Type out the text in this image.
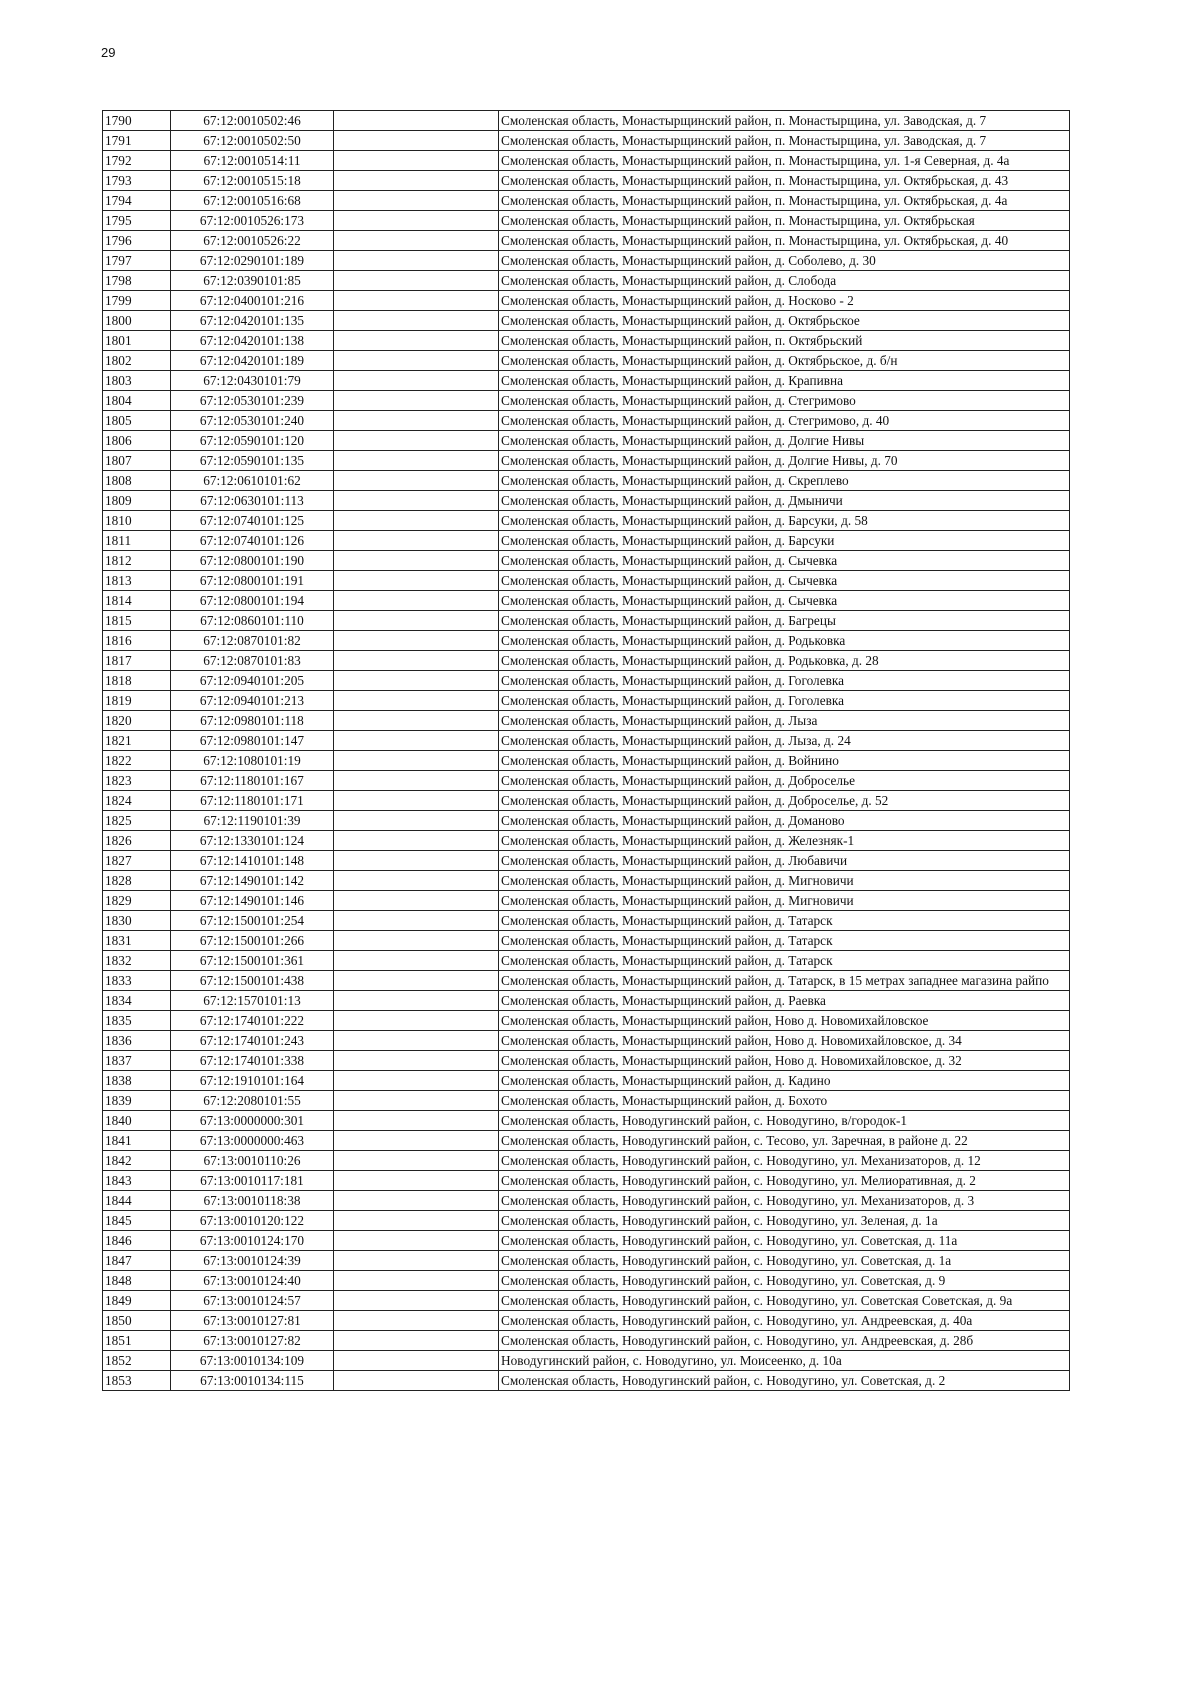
29
1790	67:12:0010502:46		Смоленская область, Монастырщинский район, п. Монастырщина, ул. Заводская, д. 7
1791	67:12:0010502:50		Смоленская область, Монастырщинский район, п. Монастырщина, ул. Заводская, д. 7
1792	67:12:0010514:11		Смоленская область, Монастырщинский район, п. Монастырщина, ул. 1-я Северная, д. 4а
1793	67:12:0010515:18		Смоленская область, Монастырщинский район, п. Монастырщина, ул. Октябрьская, д. 43
1794	67:12:0010516:68		Смоленская область, Монастырщинский район, п. Монастырщина, ул. Октябрьская, д. 4а
1795	67:12:0010526:173		Смоленская область, Монастырщинский район, п. Монастырщина, ул. Октябрьская
1796	67:12:0010526:22		Смоленская область, Монастырщинский район, п. Монастырщина, ул. Октябрьская, д. 40
1797	67:12:0290101:189		Смоленская область, Монастырщинский район, д. Соболево, д. 30
1798	67:12:0390101:85		Смоленская область, Монастырщинский район, д. Слобода
1799	67:12:0400101:216		Смоленская область, Монастырщинский район, д. Носково - 2
1800	67:12:0420101:135		Смоленская область, Монастырщинский район, д. Октябрьское
1801	67:12:0420101:138		Смоленская область, Монастырщинский район, п. Октябрьский
1802	67:12:0420101:189		Смоленская область, Монастырщинский район, д. Октябрьское, д. б/н
1803	67:12:0430101:79		Смоленская область, Монастырщинский район, д. Крапивна
1804	67:12:0530101:239		Смоленская область, Монастырщинский район, д. Стегримово
1805	67:12:0530101:240		Смоленская область, Монастырщинский район, д. Стегримово, д. 40
1806	67:12:0590101:120		Смоленская область, Монастырщинский район, д. Долгие Нивы
1807	67:12:0590101:135		Смоленская область, Монастырщинский район, д. Долгие Нивы, д. 70
1808	67:12:0610101:62		Смоленская область, Монастырщинский район, д. Скреплево
1809	67:12:0630101:113		Смоленская область, Монастырщинский район, д. Дмыничи
1810	67:12:0740101:125		Смоленская область, Монастырщинский район, д. Барсуки, д. 58
1811	67:12:0740101:126		Смоленская область, Монастырщинский район, д. Барсуки
1812	67:12:0800101:190		Смоленская область, Монастырщинский район, д. Сычевка
1813	67:12:0800101:191		Смоленская область, Монастырщинский район, д. Сычевка
1814	67:12:0800101:194		Смоленская область, Монастырщинский район, д. Сычевка
1815	67:12:0860101:110		Смоленская область, Монастырщинский район, д. Багрецы
1816	67:12:0870101:82		Смоленская область, Монастырщинский район, д. Родьковка
1817	67:12:0870101:83		Смоленская область, Монастырщинский район, д. Родьковка, д. 28
1818	67:12:0940101:205		Смоленская область, Монастырщинский район, д. Гоголевка
1819	67:12:0940101:213		Смоленская область, Монастырщинский район, д. Гоголевка
1820	67:12:0980101:118		Смоленская область, Монастырщинский район, д. Лыза
1821	67:12:0980101:147		Смоленская область, Монастырщинский район, д. Лыза, д. 24
1822	67:12:1080101:19		Смоленская область, Монастырщинский район, д. Войнино
1823	67:12:1180101:167		Смоленская область, Монастырщинский район, д. Добросельe
1824	67:12:1180101:171		Смоленская область, Монастырщинский район, д. Доброселье, д. 52
1825	67:12:1190101:39		Смоленская область, Монастырщинский район, д. Доманово
1826	67:12:1330101:124		Смоленская область, Монастырщинский район, д. Железняк-1
1827	67:12:1410101:148		Смоленская область, Монастырщинский район, д. Любавичи
1828	67:12:1490101:142		Смоленская область, Монастырщинский район, д. Мигновичи
1829	67:12:1490101:146		Смоленская область, Монастырщинский район, д. Мигновичи
1830	67:12:1500101:254		Смоленская область, Монастырщинский район, д. Татарск
1831	67:12:1500101:266		Смоленская область, Монастырщинский район, д. Татарск
1832	67:12:1500101:361		Смоленская область, Монастырщинский район, д. Татарск
1833	67:12:1500101:438		Смоленская область, Монастырщинский район, д. Татарск, в 15 метрах западнее магазина райпо
1834	67:12:1570101:13		Смоленская область, Монастырщинский район, д. Раевка
1835	67:12:1740101:222		Смоленская область, Монастырщинский район, Ново д. Новомихайловское
1836	67:12:1740101:243		Смоленская область, Монастырщинский район, Ново д. Новомихайловское, д. 34
1837	67:12:1740101:338		Смоленская область, Монастырщинский район, Ново д. Новомихайловское, д. 32
1838	67:12:1910101:164		Смоленская область, Монастырщинский район, д. Кадино
1839	67:12:2080101:55		Смоленская область, Монастырщинский район, д. Бохото
1840	67:13:0000000:301		Смоленская область, Новодугинский район, с. Новодугино, в/городок-1
1841	67:13:0000000:463		Смоленская область, Новодугинский район, с. Тесово, ул. Заречная, в районе д. 22
1842	67:13:0010110:26		Смоленская область, Новодугинский район, с. Новодугино, ул. Механизаторов, д. 12
1843	67:13:0010117:181		Смоленская область, Новодугинский район, с. Новодугино, ул. Мелиоративная, д. 2
1844	67:13:0010118:38		Смоленская область, Новодугинский район, с. Новодугино, ул. Механизаторов, д. 3
1845	67:13:0010120:122		Смоленская область, Новодугинский район, с. Новодугино, ул. Зеленая, д. 1а
1846	67:13:0010124:170		Смоленская область, Новодугинский район, с. Новодугино, ул. Советская, д. 11а
1847	67:13:0010124:39		Смоленская область, Новодугинский район, с. Новодугино, ул. Советская, д. 1а
1848	67:13:0010124:40		Смоленская область, Новодугинский район, с. Новодугино, ул. Советская, д. 9
1849	67:13:0010124:57		Смоленская область, Новодугинский район, с. Новодугино, ул. Советская Советская, д. 9а
1850	67:13:0010127:81		Смоленская область, Новодугинский район, с. Новодугино, ул. Андреевская, д. 40а
1851	67:13:0010127:82		Смоленская область, Новодугинский район, с. Новодугино, ул. Андреевская, д. 28б
1852	67:13:0010134:109		Новодугинский район, с. Новодугино, ул. Моисеенко, д. 10а
1853	67:13:0010134:115		Смоленская область, Новодугинский район, с. Новодугино, ул. Советская, д. 2
